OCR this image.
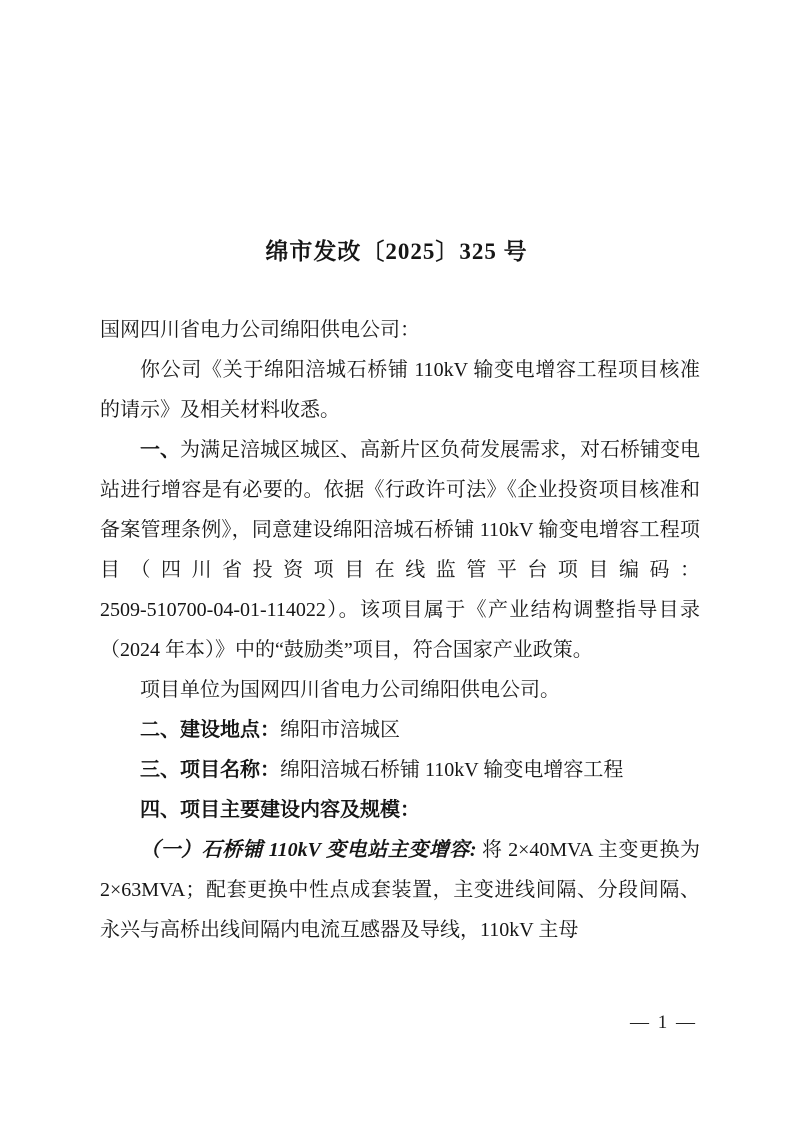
绵市发改〔2025〕325 号

国网四川省电力公司绵阳供电公司：

你公司《关于绵阳涪城石桥铺 110kV 输变电增容工程项目核准的请示》及相关材料收悉。

一、为满足涪城区城区、高新片区负荷发展需求，对石桥铺变电站进行增容是有必要的。依据《行政许可法》《企业投资项目核准和备案管理条例》，同意建设绵阳涪城石桥铺 110kV 输变电增容工程项目（四川省投资项目在线监管平台项目编码：2509-510700-04-01-114022）。该项目属于《产业结构调整指导目录（2024 年本）》中的“鼓励类”项目，符合国家产业政策。

项目单位为国网四川省电力公司绵阳供电公司。

二、建设地点：绵阳市涪城区

三、项目名称：绵阳涪城石桥铺 110kV 输变电增容工程

四、项目主要建设内容及规模：

（一）石桥铺 110kV 变电站主变增容: 将 2×40MVA 主变更换为 2×63MVA；配套更换中性点成套装置，主变进线间隔、分段间隔、永兴与高桥出线间隔内电流互感器及导线，110kV 主母

— 1 —
